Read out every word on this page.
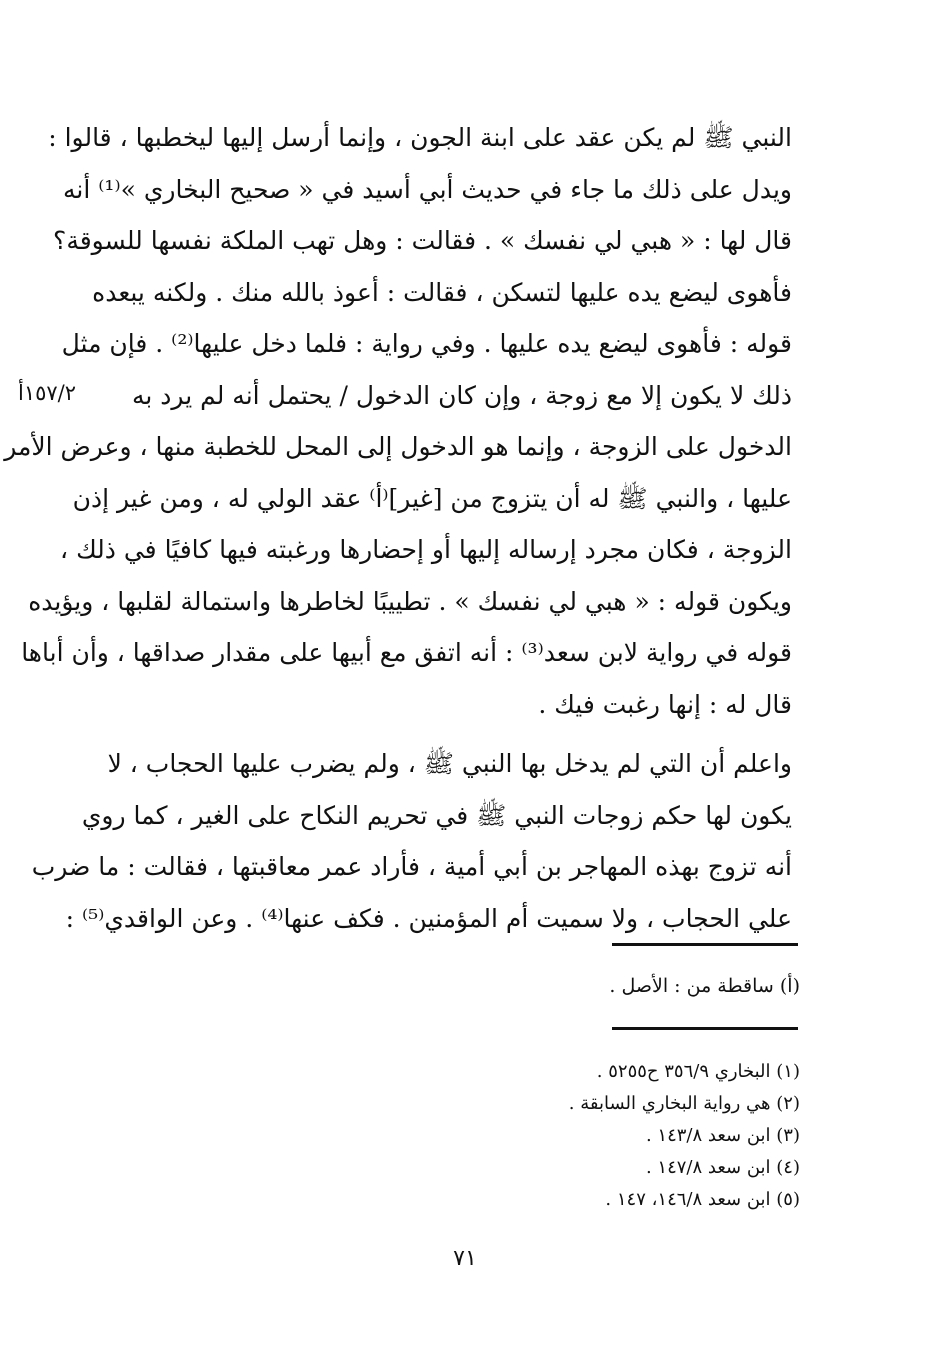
١٥٧/٢أ
النبي ﷺ لم يكن عقد على ابنة الجون ، وإنما أرسل إليها ليخطبها ، قالوا :
ويدل على ذلك ما جاء في حديث أبي أسيد في « صحيح البخاري »⁽¹⁾ أنه
قال لها : « هبي لي نفسك » . فقالت : وهل تهب الملكة نفسها للسوقة؟
فأهوى ليضع يده عليها لتسكن ، فقالت : أعوذ بالله منك . ولكنه يبعده
قوله : فأهوى ليضع يده عليها . وفي رواية : فلما دخل عليها⁽²⁾ . فإن مثل
ذلك لا يكون إلا مع زوجة ، وإن كان الدخول / يحتمل أنه لم يرد به
الدخول على الزوجة ، وإنما هو الدخول إلى المحل للخطبة منها ، وعرض الأمر
عليها ، والنبي ﷺ له أن يتزوج من [غير]⁽أ⁾ عقد الولي له ، ومن غير إذن
الزوجة ، فكان مجرد إرساله إليها أو إحضارها ورغبته فيها كافيًا في ذلك ،
ويكون قوله : « هبي لي نفسك » . تطييبًا لخاطرها واستمالة لقلبها ، ويؤيده
قوله في رواية لابن سعد⁽³⁾ : أنه اتفق مع أبيها على مقدار صداقها ، وأن أباها
قال له : إنها رغبت فيك .
واعلم أن التي لم يدخل بها النبي ﷺ ، ولم يضرب عليها الحجاب ، لا
يكون لها حكم زوجات النبي ﷺ في تحريم النكاح على الغير ، كما روي
أنه تزوج بهذه المهاجر بن أبي أمية ، فأراد عمر معاقبتها ، فقالت : ما ضرب
علي الحجاب ، ولا سميت أم المؤمنين . فكف عنها⁽⁴⁾ . وعن الواقدي⁽⁵⁾ :
(أ) ساقطة من : الأصل .
(١) البخاري ٣٥٦/٩ ح٥٢٥٥ .
(٢) هي رواية البخاري السابقة .
(٣) ابن سعد ١٤٣/٨ .
(٤) ابن سعد ١٤٧/٨ .
(٥) ابن سعد ١٤٦/٨، ١٤٧ .
٧١
